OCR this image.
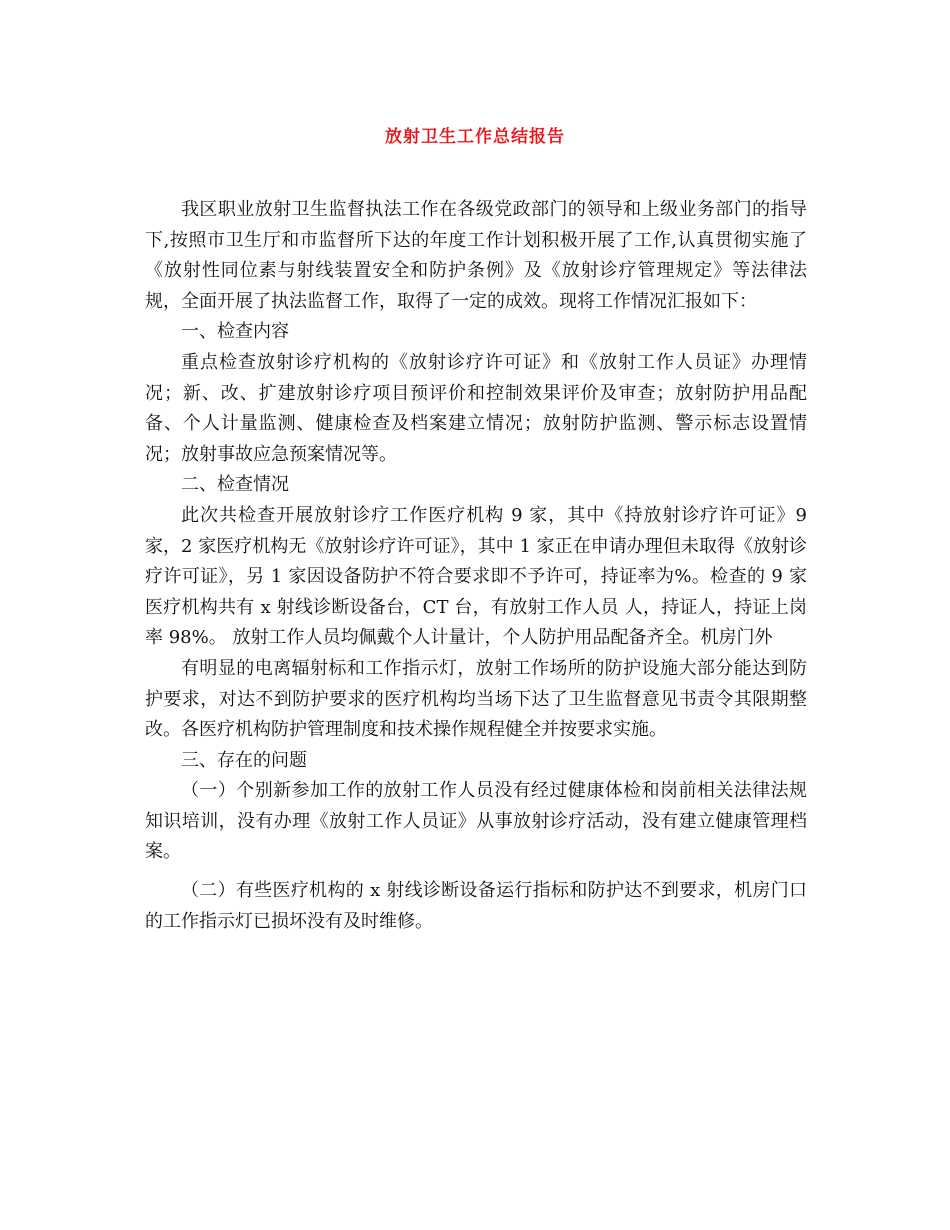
放射卫生工作总结报告

我区职业放射卫生监督执法工作在各级党政部门的领导和上级业务部门的指导下,按照市卫生厅和市监督所下达的年度工作计划积极开展了工作,认真贯彻实施了《放射性同位素与射线装置安全和防护条例》及《放射诊疗管理规定》等法律法规，全面开展了执法监督工作，取得了一定的成效。现将工作情况汇报如下：

一、检查内容

重点检查放射诊疗机构的《放射诊疗许可证》和《放射工作人员证》办理情况；新、改、扩建放射诊疗项目预评价和控制效果评价及审查；放射防护用品配备、个人计量监测、健康检查及档案建立情况；放射防护监测、警示标志设置情况；放射事故应急预案情况等。

二、检查情况

此次共检查开展放射诊疗工作医疗机构 9 家，其中《持放射诊疗许可证》9 家，2 家医疗机构无《放射诊疗许可证》，其中 1 家正在申请办理但未取得《放射诊疗许可证》，另 1 家因设备防护不符合要求即不予许可，持证率为%。检查的 9 家医疗机构共有 x 射线诊断设备台，CT 台，有放射工作人员 人，持证人，持证上岗率 98%。 放射工作人员均佩戴个人计量计，个人防护用品配备齐全。机房门外

有明显的电离辐射标和工作指示灯，放射工作场所的防护设施大部分能达到防护要求，对达不到防护要求的医疗机构均当场下达了卫生监督意见书责令其限期整改。各医疗机构防护管理制度和技术操作规程健全并按要求实施。

三、存在的问题

（一）个别新参加工作的放射工作人员没有经过健康体检和岗前相关法律法规知识培训，没有办理《放射工作人员证》从事放射诊疗活动，没有建立健康管理档案。

（二）有些医疗机构的 x 射线诊断设备运行指标和防护达不到要求，机房门口的工作指示灯已损坏没有及时维修。
